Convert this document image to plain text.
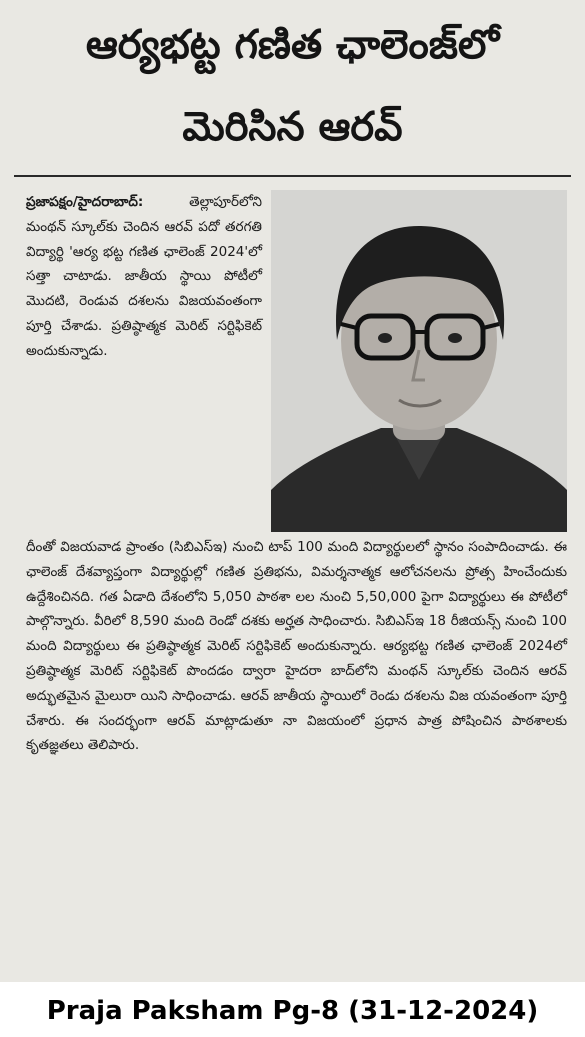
ఆర్యభట్ట గణిత ఛాలెంజ్‌లో
మెరిసిన ఆరవ్
ప్రజాపక్షం/హైదరాబాద్:	తెల్లాపూర్‌లోని మంథన్ స్కూల్‌కు చెందిన ఆరవ్ పదో తరగతి విద్యార్థి 'ఆర్య భట్ట గణిత ఛాలెంజ్ 2024'లో సత్తా చాటాడు. జాతీయ స్థాయి పోటీలో మొదటి, రెండువ దశలను విజయవంతంగా పూర్తి చేశాడు. ప్రతిష్ఠాత్మక మెరిట్ సర్టిఫికెట్ అందుకున్నాడు.
దీంతో విజయవాడ ప్రాంతం (సిబిఎస్ఇ) నుంచి టాప్ 100 మంది విద్యార్థులలో స్థానం సంపాదించాడు. ఈ ఛాలెంజ్ దేశవ్యాప్తంగా విద్యార్థుల్లో గణిత ప్రతిభను, విమర్శనాత్మక ఆలోచనలను ప్రోత్స హించేందుకు ఉద్దేశించినది. గత ఏడాది దేశంలోని 5,050 పాఠశా లల నుంచి 5,50,000 పైగా విద్యార్థులు ఈ పోటీలో పాల్గొన్నారు. వీరిలో 8,590 మంది రెండో దశకు అర్హత సాధించారు. సిబిఎస్ఇ 18 రీజియన్స్ నుంచి 100 మంది విద్యార్థులు ఈ ప్రతిష్ఠాత్మక మెరిట్ సర్టిఫికెట్ అందుకున్నారు. ఆర్యభట్ట గణిత ఛాలెంజ్ 2024లో ప్రతిష్ఠాత్మక మెరిట్ సర్టిఫికెట్ పొందడం ద్వారా హైదరా బాద్‌లోని మంథన్ స్కూల్‌కు చెందిన ఆరవ్ అద్భుతమైన మైలురా యిని సాధించాడు. ఆరవ్ జాతీయ స్థాయిలో రెండు దశలను విజ యవంతంగా పూర్తి చేశారు. ఈ సందర్భంగా ఆరవ్ మాట్లాడుతూ నా విజయంలో ప్రధాన పాత్ర పోషించిన పాఠశాలకు కృతజ్ఞతలు తెలిపారు.
Praja Paksham Pg-8 (31-12-2024)
